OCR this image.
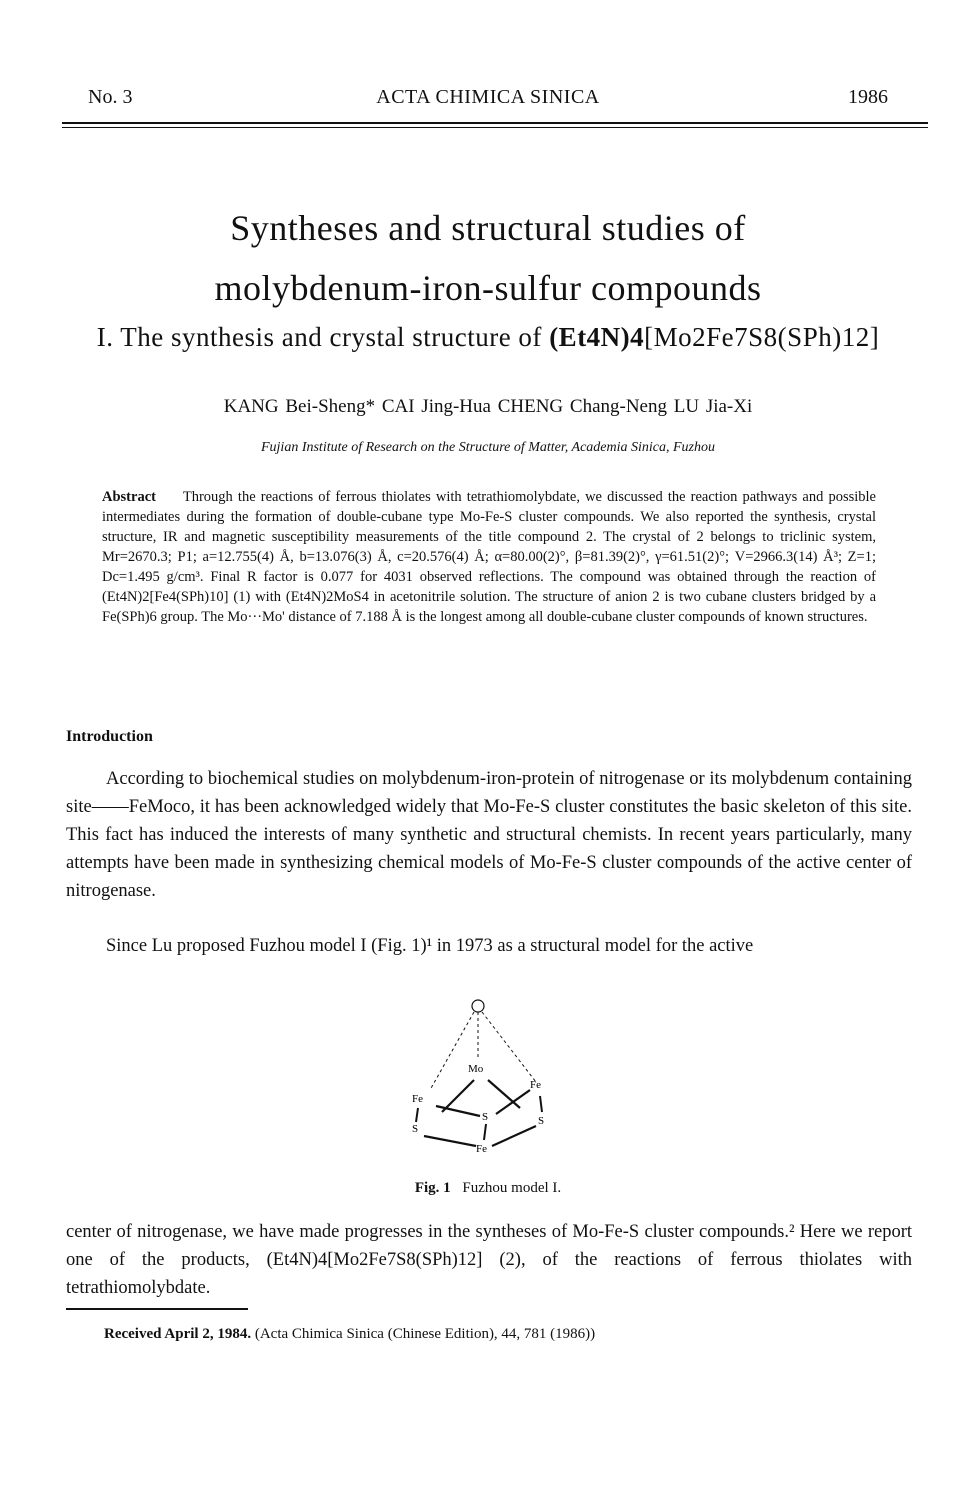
No. 3	ACTA CHIMICA SINICA	1986
Syntheses and structural studies of
molybdenum-iron-sulfur compounds
I. The synthesis and crystal structure of (Et4N)4[Mo2Fe7S8(SPh)12]
KANG Bei-Sheng* CAI Jing-Hua CHENG Chang-Neng LU Jia-Xi
Fujian Institute of Research on the Structure of Matter, Academia Sinica, Fuzhou
Abstract Through the reactions of ferrous thiolates with tetrathiomolybdate, we discussed the reaction pathways and possible intermediates during the formation of double-cubane type Mo-Fe-S cluster compounds. We also reported the synthesis, crystal structure, IR and magnetic susceptibility measurements of the title compound 2. The crystal of 2 belongs to triclinic system, Mr=2670.3; P1; a=12.755(4) Å, b=13.076(3) Å, c=20.576(4) Å; α=80.00(2)°, β=81.39(2)°, γ=61.51(2)°; V=2966.3(14) Å³; Z=1; Dc=1.495 g/cm³. Final R factor is 0.077 for 4031 observed reflections. The compound was obtained through the reaction of (Et4N)2[Fe4(SPh)10] (1) with (Et4N)2MoS4 in acetonitrile solution. The structure of anion 2 is two cubane clusters bridged by a Fe(SPh)6 group. The Mo···Mo' distance of 7.188 Å is the longest among all double-cubane cluster compounds of known structures.
Introduction
According to biochemical studies on molybdenum-iron-protein of nitrogenase or its molybdenum containing site——FeMoco, it has been acknowledged widely that Mo-Fe-S cluster constitutes the basic skeleton of this site. This fact has induced the interests of many synthetic and structural chemists. In recent years particularly, many attempts have been made in synthesizing chemical models of Mo-Fe-S cluster compounds of the active center of nitrogenase.
Since Lu proposed Fuzhou model I (Fig. 1)¹ in 1973 as a structural model for the active
Mo
Fe
Fe
S	S
S
Fe
Fig. 1 Fuzhou model I.
center of nitrogenase, we have made progresses in the syntheses of Mo-Fe-S cluster compounds.² Here we report one of the products, (Et4N)4[Mo2Fe7S8(SPh)12] (2), of the reactions of ferrous thiolates with tetrathiomolybdate.
Received April 2, 1984. (Acta Chimica Sinica (Chinese Edition), 44, 781 (1986))
